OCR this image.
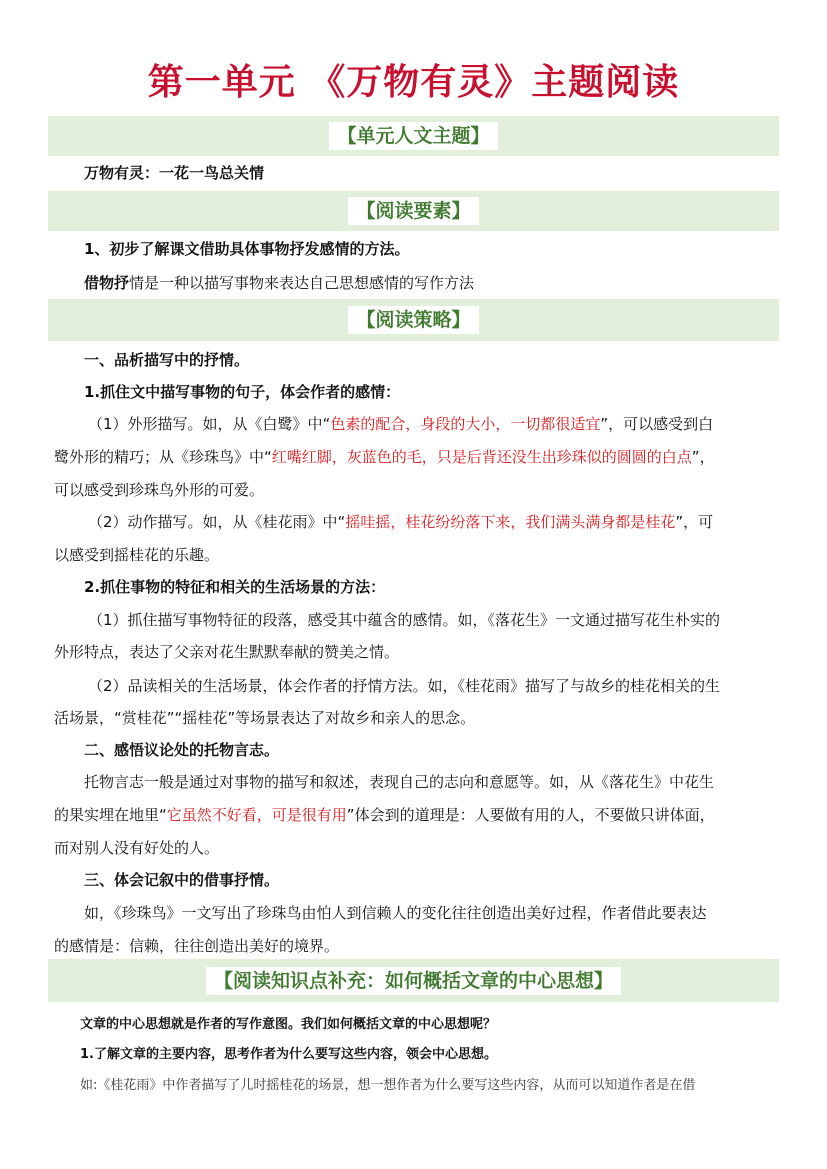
第一单元 《万物有灵》主题阅读
【单元人文主题】
万物有灵：一花一鸟总关情
【阅读要素】
1、初步了解课文借助具体事物抒发感情的方法。
借物抒情是一种以描写事物来表达自己思想感情的写作方法
【阅读策略】
一、品析描写中的抒情。
1.抓住文中描写事物的句子，体会作者的感情：
（1）外形描写。如，从《白鹭》中“色素的配合，身段的大小，一切都很适宜”，可以感受到白
鹭外形的精巧；从《珍珠鸟》中“红嘴红脚，灰蓝色的毛，只是后背还没生出珍珠似的圆圆的白点”，
可以感受到珍珠鸟外形的可爱。
（2）动作描写。如，从《桂花雨》中“摇哇摇，桂花纷纷落下来，我们满头满身都是桂花”，可
以感受到摇桂花的乐趣。
2.抓住事物的特征和相关的生活场景的方法：
（1）抓住描写事物特征的段落，感受其中蕴含的感情。如，《落花生》一文通过描写花生朴实的
外形特点，表达了父亲对花生默默奉献的赞美之情。
（2）品读相关的生活场景，体会作者的抒情方法。如，《桂花雨》描写了与故乡的桂花相关的生
活场景，“赏桂花”“摇桂花”等场景表达了对故乡和亲人的思念。
二、感悟议论处的托物言志。
托物言志一般是通过对事物的描写和叙述，表现自己的志向和意愿等。如，从《落花生》中花生
的果实埋在地里“它虽然不好看，可是很有用”体会到的道理是：人要做有用的人，不要做只讲体面，
而对别人没有好处的人。
三、体会记叙中的借事抒情。
如，《珍珠鸟》一文写出了珍珠鸟由怕人到信赖人的变化往往创造出美好过程，作者借此要表达
的感情是：信赖，往往创造出美好的境界。
【阅读知识点补充：如何概括文章的中心思想】
文章的中心思想就是作者的写作意图。我们如何概括文章的中心思想呢？
1.了解文章的主要内容，思考作者为什么要写这些内容，领会中心思想。
如:《桂花雨》中作者描写了儿时摇桂花的场景，想一想作者为什么要写这些内容，从而可以知道作者是在借
